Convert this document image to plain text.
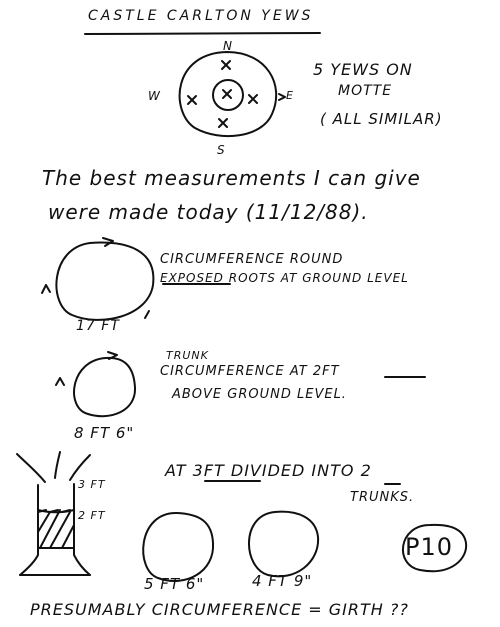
CASTLE CARLTON YEWS
N
W	E
S
5 YEWS ON
MOTTE
( ALL SIMILAR)
The best measurements I can give
were made today (11/12/88).
CIRCUMFERENCE ROUND
EXPOSED ROOTS AT GROUND LEVEL
17 FT
TRUNK
CIRCUMFERENCE AT 2FT
ABOVE GROUND LEVEL.
8 FT 6"
3 FT
2 FT
AT 3FT DIVIDED INTO 2
TRUNKS.
5 FT 6"	4 FT 9"
P10
PRESUMABLY CIRCUMFERENCE = GIRTH ??
